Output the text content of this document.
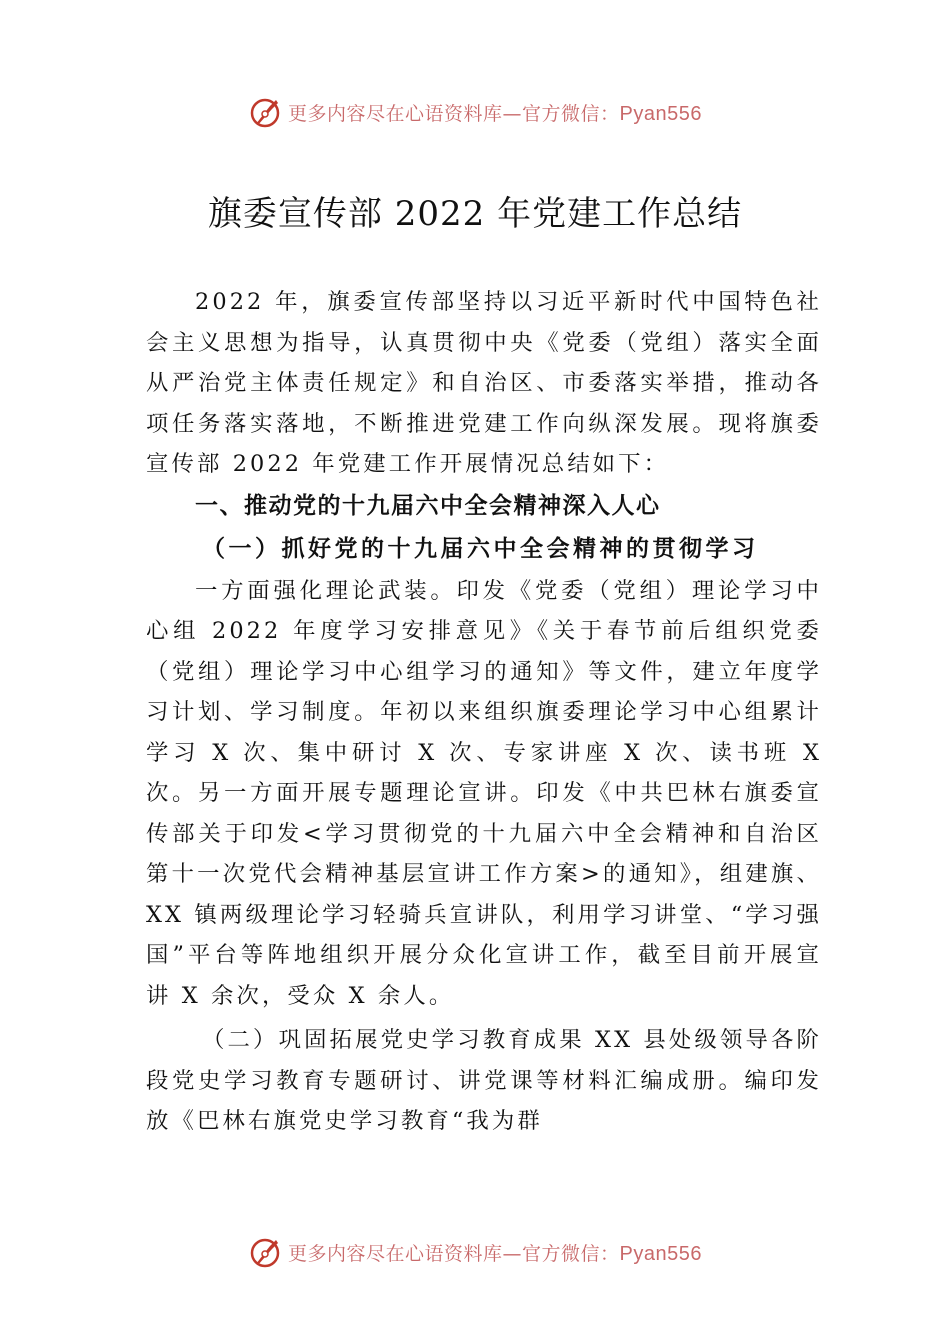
更多内容尽在心语资料库—官方微信：Pyan556
旗委宣传部 2022 年党建工作总结

2022 年，旗委宣传部坚持以习近平新时代中国特色社会主义思想为指导，认真贯彻中央《党委（党组）落实全面从严治党主体责任规定》和自治区、市委落实举措，推动各项任务落实落地，不断推进党建工作向纵深发展。现将旗委宣传部 2022 年党建工作开展情况总结如下：

一、推动党的十九届六中全会精神深入人心

（一）抓好党的十九届六中全会精神的贯彻学习

一方面强化理论武装。印发《党委（党组）理论学习中心组 2022 年度学习安排意见》《关于春节前后组织党委（党组）理论学习中心组学习的通知》等文件，建立年度学习计划、学习制度。年初以来组织旗委理论学习中心组累计学习 X 次、集中研讨 X 次、专家讲座 X 次、读书班 X 次。另一方面开展专题理论宣讲。印发《中共巴林右旗委宣传部关于印发<学习贯彻党的十九届六中全会精神和自治区第十一次党代会精神基层宣讲工作方案>的通知》，组建旗、XX 镇两级理论学习轻骑兵宣讲队，利用学习讲堂、“学习强国”平台等阵地组织开展分众化宣讲工作，截至目前开展宣讲 X 余次，受众 X 余人。

（二）巩固拓展党史学习教育成果 XX 县处级领导各阶段党史学习教育专题研讨、讲党课等材料汇编成册。编印发放《巴林右旗党史学习教育“我为群

更多内容尽在心语资料库—官方微信：Pyan556
